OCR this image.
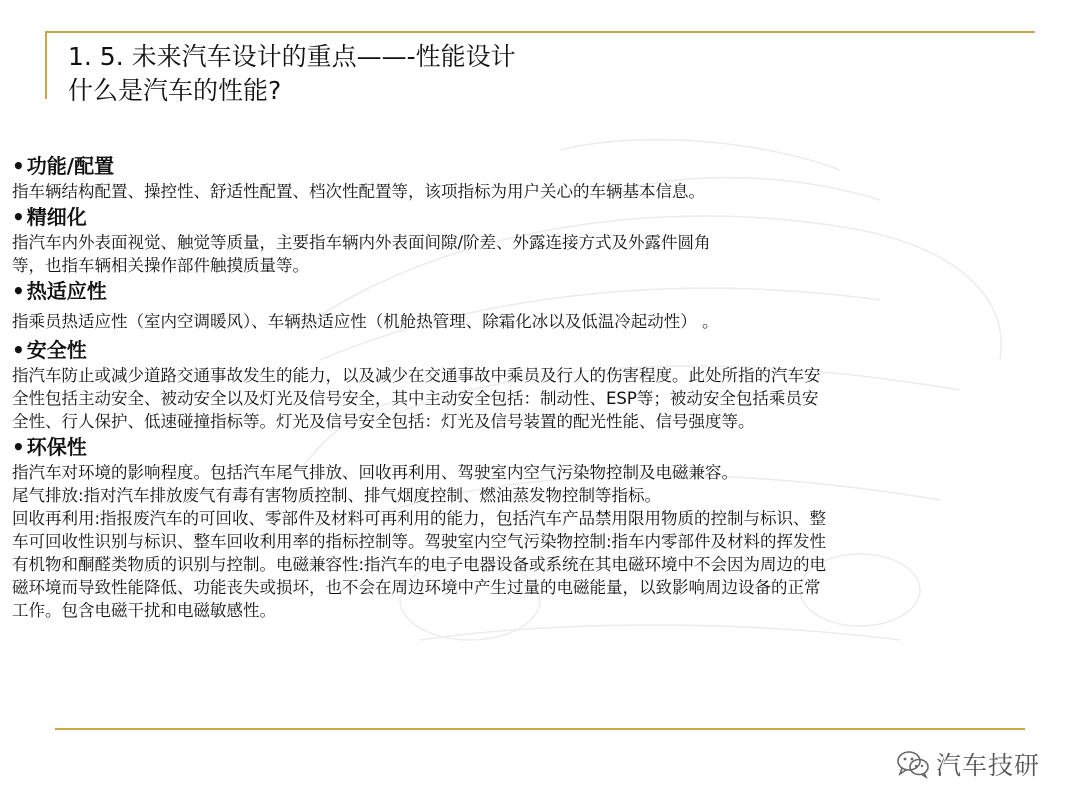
1. 5. 未来汽车设计的重点——-性能设计
什么是汽车的性能?
• 功能/配置

指车辆结构配置、操控性、舒适性配置、档次性配置等，该项指标为用户关心的车辆基本信息。

• 精细化

指汽车内外表面视觉、触觉等质量，主要指车辆内外表面间隙/阶差、外露连接方式及外露件圆角

等，也指车辆相关操作部件触摸质量等。

• 热适应性

指乘员热适应性（室内空调暖风）、车辆热适应性（机舱热管理、除霜化冰以及低温冷起动性） 。

• 安全性

指汽车防止或减少道路交通事故发生的能力，以及减少在交通事故中乘员及行人的伤害程度。此处所指的汽车安

全性包括主动安全、被动安全以及灯光及信号安全，其中主动安全包括：制动性、ESP等；被动安全包括乘员安

全性、行人保护、低速碰撞指标等。灯光及信号安全包括：灯光及信号装置的配光性能、信号强度等。

• 环保性

指汽车对环境的影响程度。包括汽车尾气排放、回收再利用、驾驶室内空气污染物控制及电磁兼容。

尾气排放:指对汽车排放废气有毒有害物质控制、排气烟度控制、燃油蒸发物控制等指标。

回收再利用:指报废汽车的可回收、零部件及材料可再利用的能力，包括汽车产品禁用限用物质的控制与标识、整

车可回收性识别与标识、整车回收利用率的指标控制等。驾驶室内空气污染物控制:指车内零部件及材料的挥发性

有机物和酮醛类物质的识别与控制。电磁兼容性:指汽车的电子电器设备或系统在其电磁环境中不会因为周边的电

磁环境而导致性能降低、功能丧失或损坏，也不会在周边环境中产生过量的电磁能量，以致影响周边设备的正常

工作。包含电磁干扰和电磁敏感性。

汽车技研
